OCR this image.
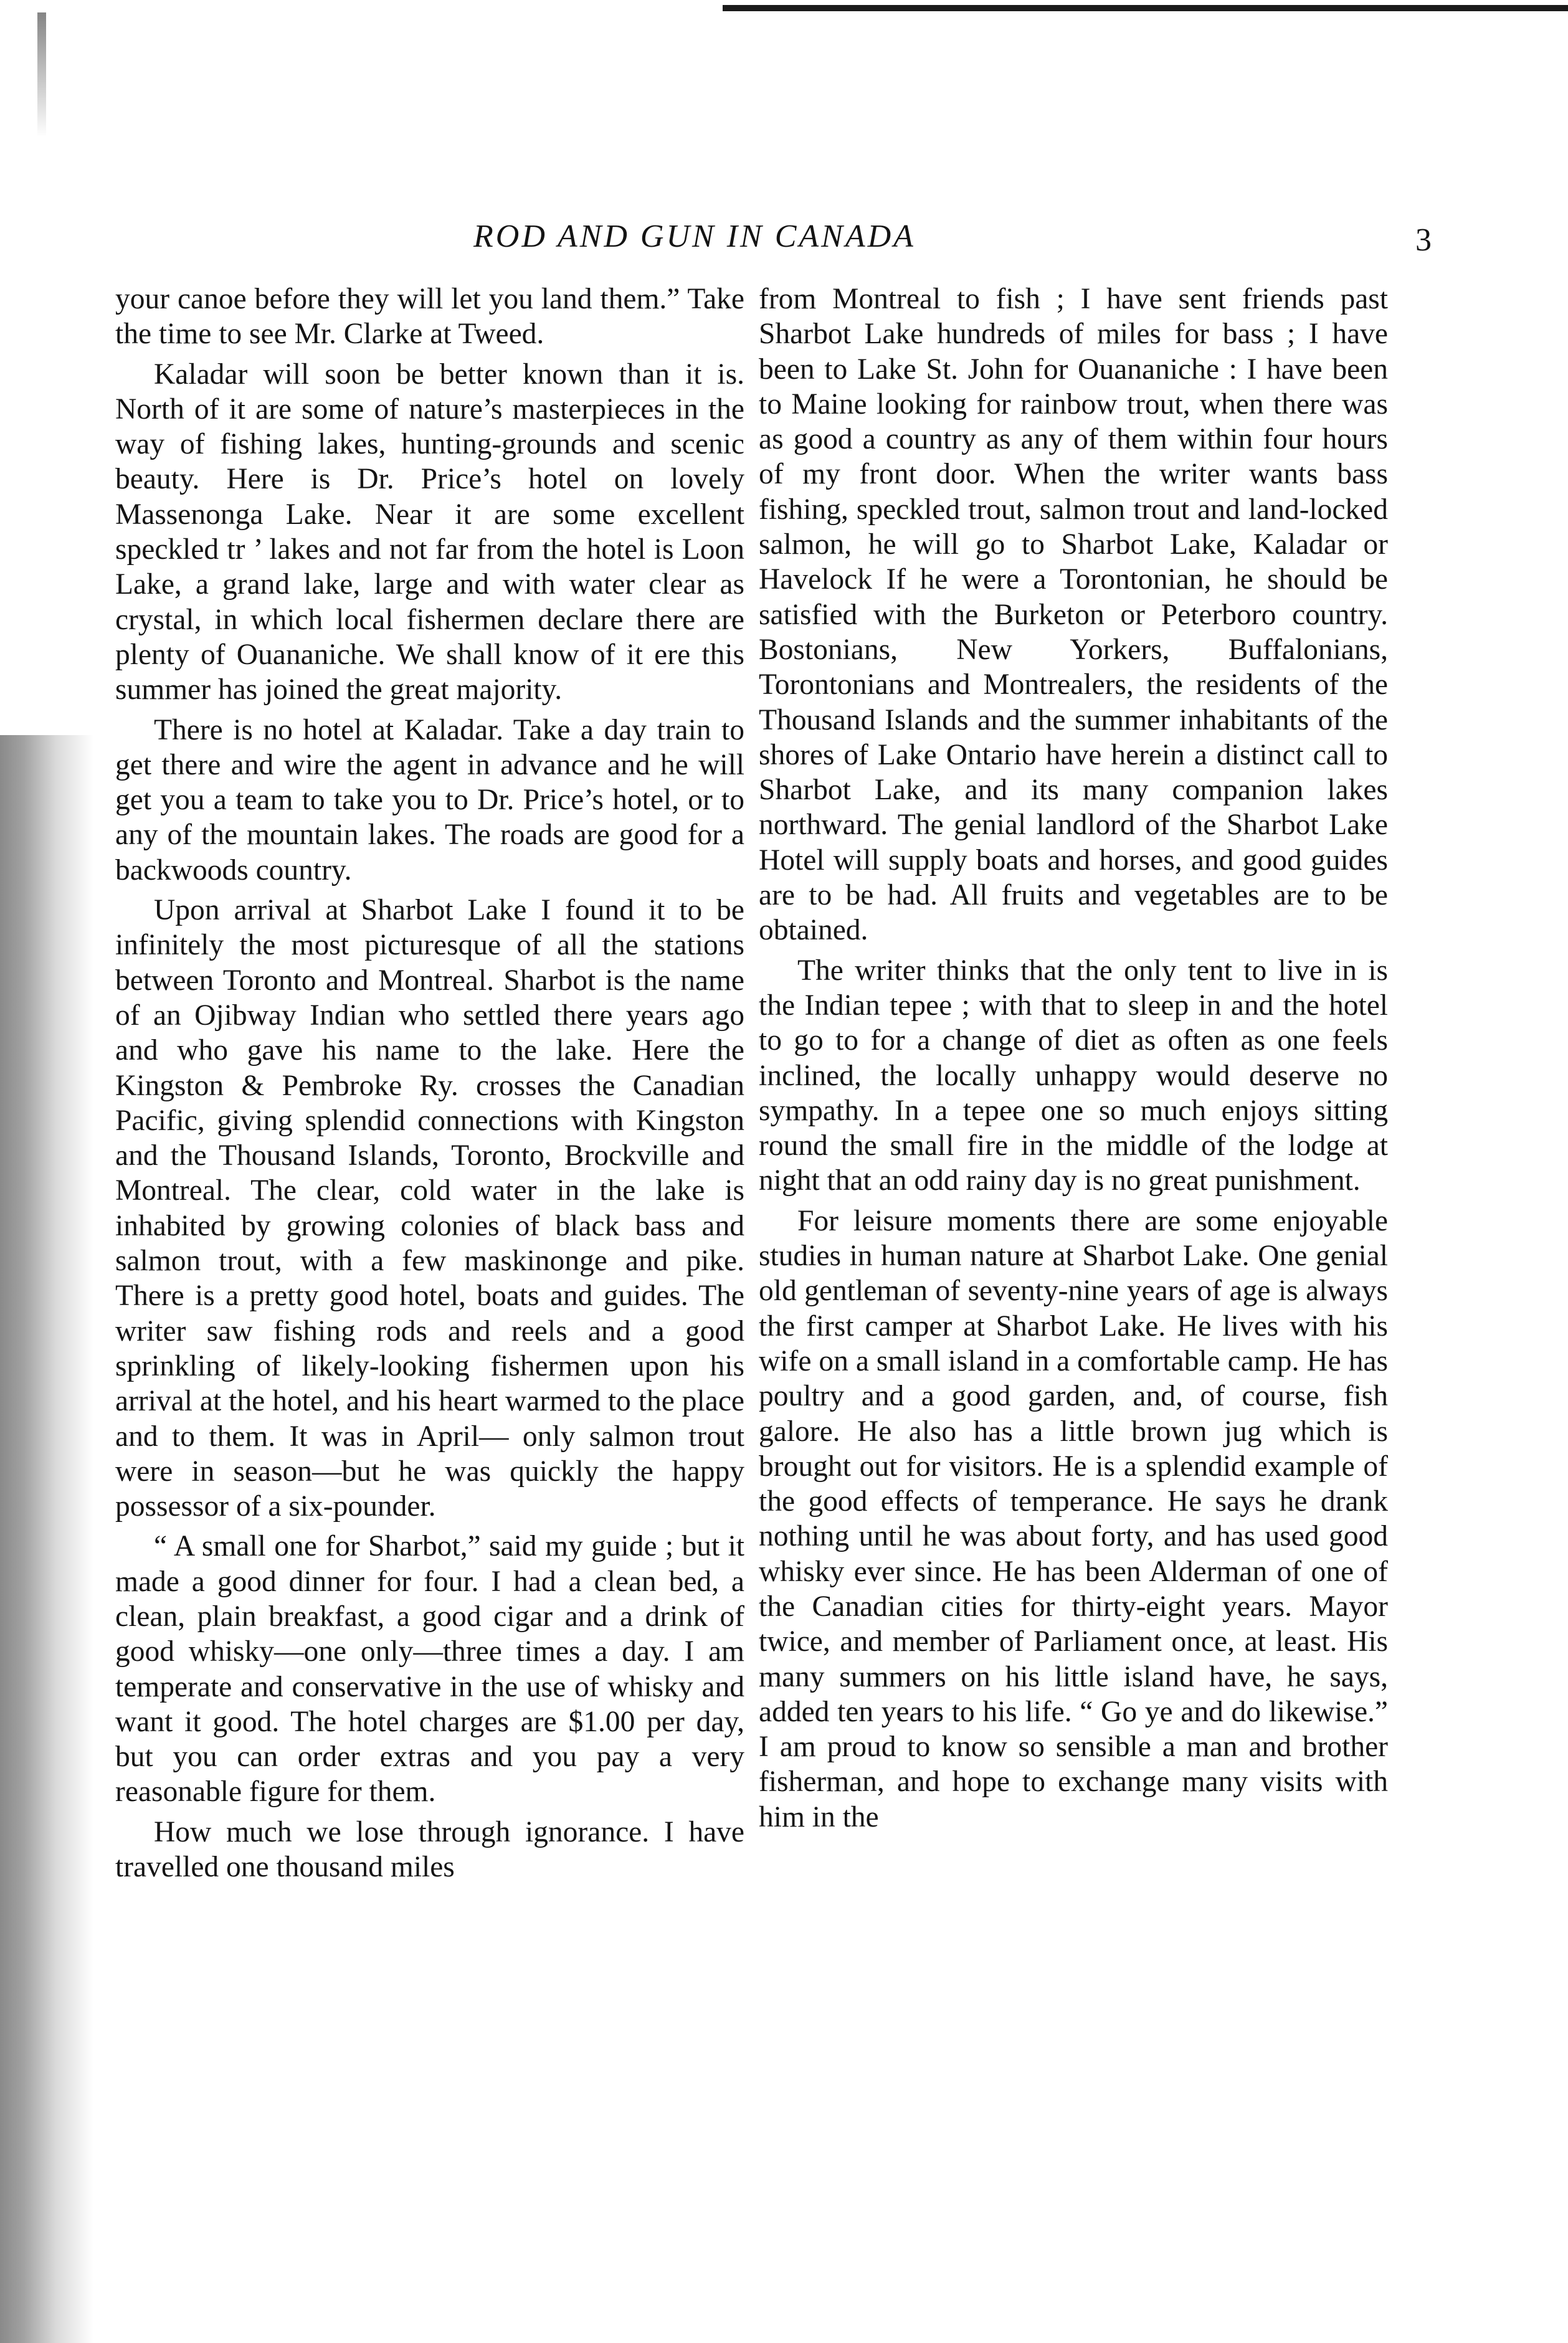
ROD AND GUN IN CANADA	3

your canoe before they will let you land them.” Take the time to see Mr. Clarke at Tweed.

Kaladar will soon be better known than it is. North of it are some of nature’s masterpieces in the way of fishing lakes, hunting-grounds and scenic beauty. Here is Dr. Price’s hotel on lovely Massenonga Lake. Near it are some excellent speckled tr ’ lakes and not far from the hotel is Loon Lake, a grand lake, large and with water clear as crystal, in which local fishermen declare there are plenty of Ouananiche. We shall know of it ere this summer has joined the great majority.

There is no hotel at Kaladar. Take a day train to get there and wire the agent in advance and he will get you a team to take you to Dr. Price’s hotel, or to any of the mountain lakes. The roads are good for a backwoods country.

Upon arrival at Sharbot Lake I found it to be infinitely the most picturesque of all the stations between Toronto and Montreal. Sharbot is the name of an Ojibway Indian who settled there years ago and who gave his name to the lake. Here the Kingston & Pembroke Ry. crosses the Canadian Pacific, giving splendid connections with Kingston and the Thousand Islands, Toronto, Brockville and Montreal. The clear, cold water in the lake is inhabited by growing colonies of black bass and salmon trout, with a few maskinonge and pike. There is a pretty good hotel, boats and guides. The writer saw fishing rods and reels and a good sprinkling of likely-looking fishermen upon his arrival at the hotel, and his heart warmed to the place and to them. It was in April— only salmon trout were in season—but he was quickly the happy possessor of a six-pounder.

“ A small one for Sharbot,” said my guide ; but it made a good dinner for four. I had a clean bed, a clean, plain breakfast, a good cigar and a drink of good whisky—one only—three times a day. I am temperate and conservative in the use of whisky and want it good. The hotel charges are $1.00 per day, but you can order extras and you pay a very reasonable figure for them.

How much we lose through ignorance. I have travelled one thousand miles

from Montreal to fish ; I have sent friends past Sharbot Lake hundreds of miles for bass ; I have been to Lake St. John for Ouananiche : I have been to Maine looking for rainbow trout, when there was as good a country as any of them within four hours of my front door. When the writer wants bass fishing, speckled trout, salmon trout and land-locked salmon, he will go to Sharbot Lake, Kaladar or Havelock If he were a Torontonian, he should be satisfied with the Burketon or Peterboro country. Bostonians, New Yorkers, Buffalonians, Torontonians and Montrealers, the residents of the Thousand Islands and the summer inhabitants of the shores of Lake Ontario have herein a distinct call to Sharbot Lake, and its many companion lakes northward. The genial landlord of the Sharbot Lake Hotel will supply boats and horses, and good guides are to be had. All fruits and vegetables are to be obtained.

The writer thinks that the only tent to live in is the Indian tepee ; with that to sleep in and the hotel to go to for a change of diet as often as one feels inclined, the locally unhappy would deserve no sympathy. In a tepee one so much enjoys sitting round the small fire in the middle of the lodge at night that an odd rainy day is no great punishment.

For leisure moments there are some enjoyable studies in human nature at Sharbot Lake. One genial old gentleman of seventy-nine years of age is always the first camper at Sharbot Lake. He lives with his wife on a small island in a comfortable camp. He has poultry and a good garden, and, of course, fish galore. He also has a little brown jug which is brought out for visitors. He is a splendid example of the good effects of temperance. He says he drank nothing until he was about forty, and has used good whisky ever since. He has been Alderman of one of the Canadian cities for thirty-eight years. Mayor twice, and member of Parliament once, at least. His many summers on his little island have, he says, added ten years to his life. “ Go ye and do likewise.” I am proud to know so sensible a man and brother fisherman, and hope to exchange many visits with him in the
